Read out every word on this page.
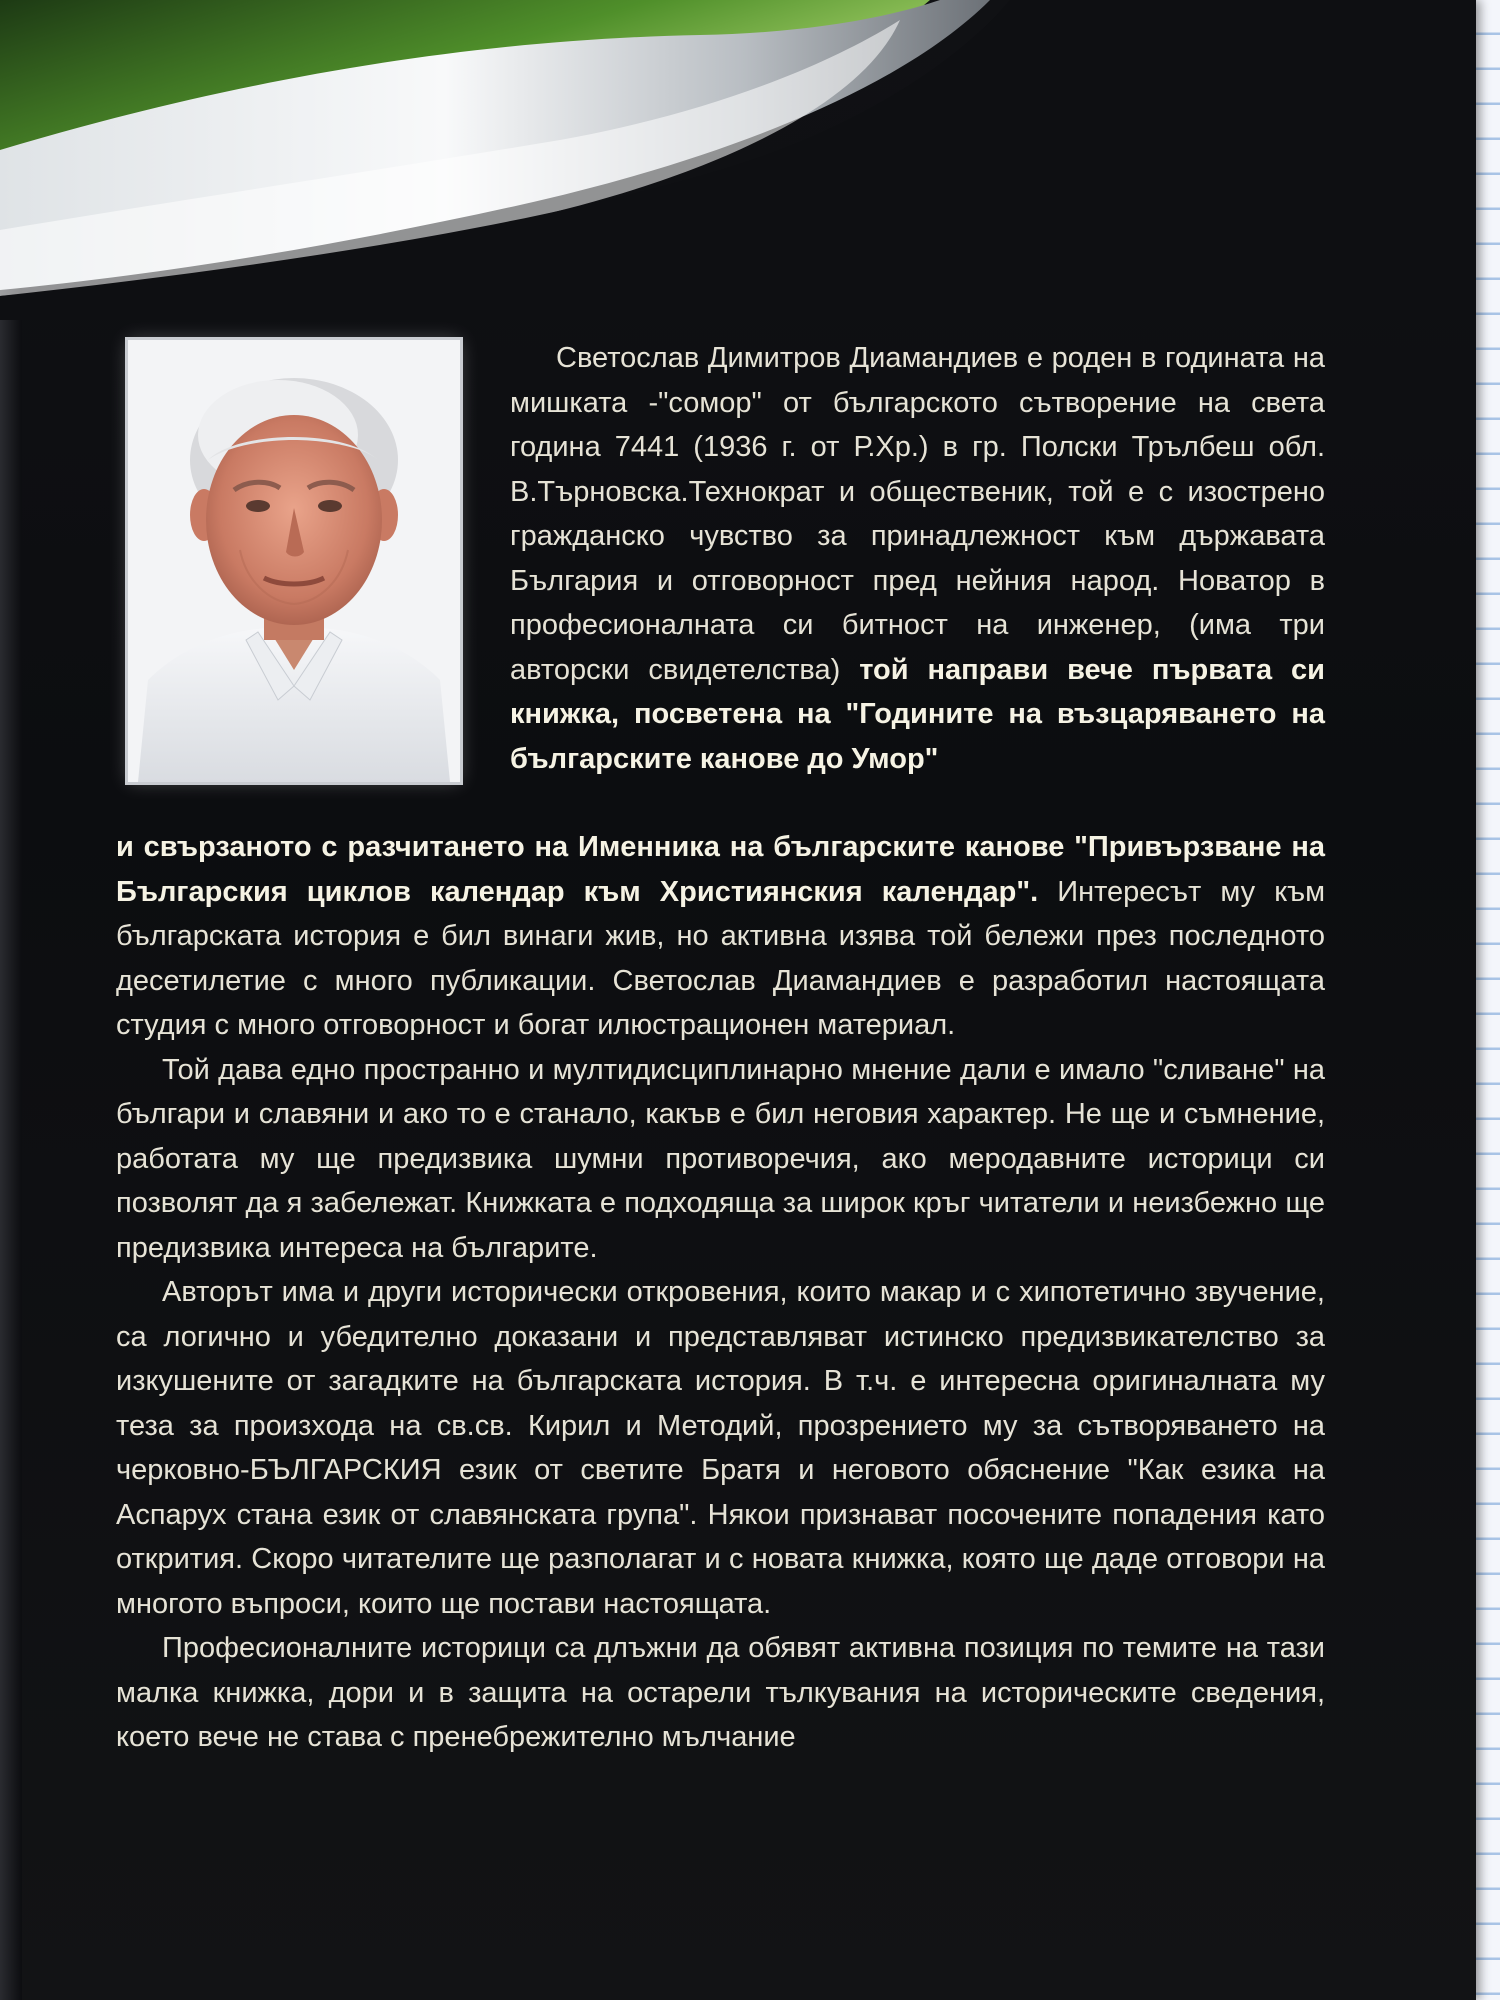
Светослав Димитров Диамандиев е роден в годината на мишката -"сомор" от българското сътворение на света година 7441 (1936 г. от Р.Хр.) в гр. Полски Трълбеш обл. В.Търновска.Технократ и общественик, той е с изострено гражданско чувство за принадлежност към държавата България и отговорност пред нейния народ. Новатор в професионалната си битност на инженер, (има три авторски свидетелства) той направи вече първата си книжка, посветена на "Годините на възцаряването на българските канове до Умор"

и свързаното с разчитането на Именника на българските канове "Привързване на Българския циклов календар към Християнския календар". Интересът му към българската история е бил винаги жив, но активна изява той бележи през последното десетилетие с много публикации. Светослав Диамандиев е разработил настоящата студия с много отговорност и богат илюстрационен материал.

Той дава едно пространно и мултидисциплинарно мнение дали е имало "сливане" на българи и славяни и ако то е станало, какъв е бил неговия характер. Не ще и съмнение, работата му ще предизвика шумни противоречия, ако меродавните историци си позволят да я забележат. Книжката е подходяща за широк кръг читатели и неизбежно ще предизвика интереса на българите.

Авторът има и други исторически откровения, които макар и с хипотетично звучение, са логично и убедително доказани и представляват истинско предизвикателство за изкушените от загадките на българската история. В т.ч. е интересна оригиналната му теза за произхода на св.св. Кирил и Методий, прозрението му за сътворяването на черковно-БЪЛГАРСКИЯ език от светите Братя и неговото обяснение "Как езика на Аспарух стана език от славянската група". Някои признават посочените попадения като открития. Скоро читателите ще разполагат и с новата книжка, която ще даде отговори на многото въпроси, които ще постави настоящата.

Професионалните историци са длъжни да обявят активна позиция по темите на тази малка книжка, дори и в защита на остарели тълкувания на историческите сведения, което вече не става с пренебрежително мълчание
